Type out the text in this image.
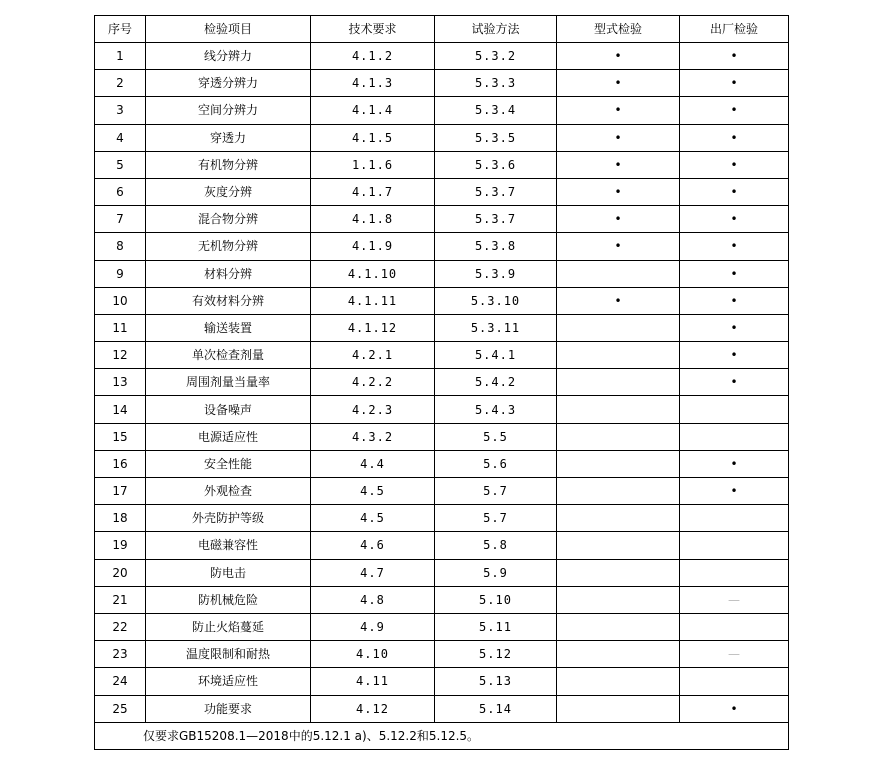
序号	检验项目	技术要求	试验方法	型式检验	出厂检验
1	线分辨力	4.1.2	5.3.2	•	•
2	穿透分辨力	4.1.3	5.3.3	•	•
3	空间分辨力	4.1.4	5.3.4	•	•
4	穿透力	4.1.5	5.3.5	•	•
5	有机物分辨	1.1.6	5.3.6	•	•
6	灰度分辨	4.1.7	5.3.7	•	•
7	混合物分辨	4.1.8	5.3.7	•	•
8	无机物分辨	4.1.9	5.3.8	•	•
9	材料分辨	4.1.10	5.3.9		•
10	有效材料分辨	4.1.11	5.3.10	•	•
11	输送装置	4.1.12	5.3.11		•
12	单次检查剂量	4.2.1	5.4.1		•
13	周围剂量当量率	4.2.2	5.4.2		•
14	设备噪声	4.2.3	5.4.3		
15	电源适应性	4.3.2	5.5		
16	安全性能	4.4	5.6		•
17	外观检查	4.5	5.7		•
18	外壳防护等级	4.5	5.7		
19	电磁兼容性	4.6	5.8		
20	防电击	4.7	5.9		
21	防机械危险	4.8	5.10		—
22	防止火焰蔓延	4.9	5.11		
23	温度限制和耐热	4.10	5.12		—
24	环境适应性	4.11	5.13		
25	功能要求	4.12	5.14		•
仅要求GB15208.1—2018中的5.12.1 a)、5.12.2和5.12.5。					
